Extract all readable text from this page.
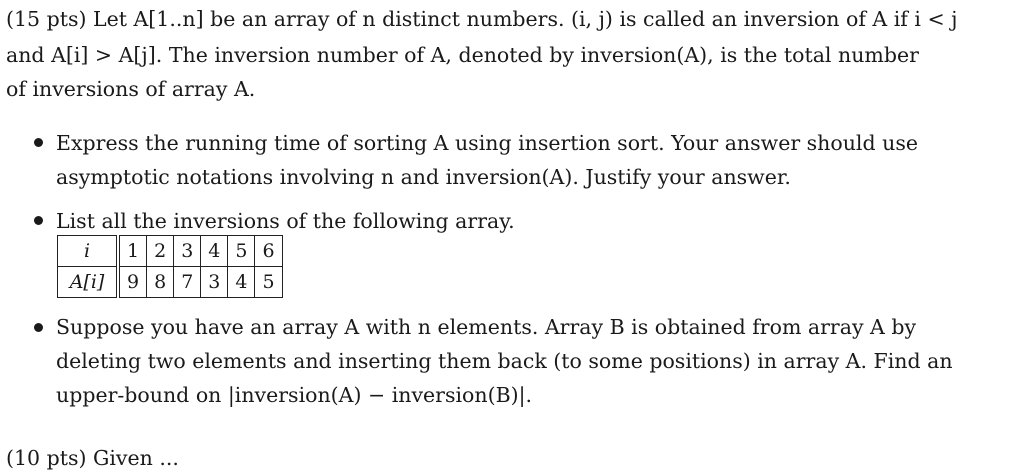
(15 pts) Let A[1..n] be an array of n distinct numbers. (i, j) is called an inversion of A if i < j
and A[i] > A[j]. The inversion number of A, denoted by inversion(A), is the total number
of inversions of array A.
Express the running time of sorting A using insertion sort. Your answer should use
asymptotic notations involving n and inversion(A). Justify your answer.
List all the inversions of the following array.
i	1	2	3	4	5	6
A[i]	9	8	7	3	4	5
Suppose you have an array A with n elements. Array B is obtained from array A by
deleting two elements and inserting them back (to some positions) in array A. Find an
upper-bound on |inversion(A) − inversion(B)|.
(10 pts) Given ...
